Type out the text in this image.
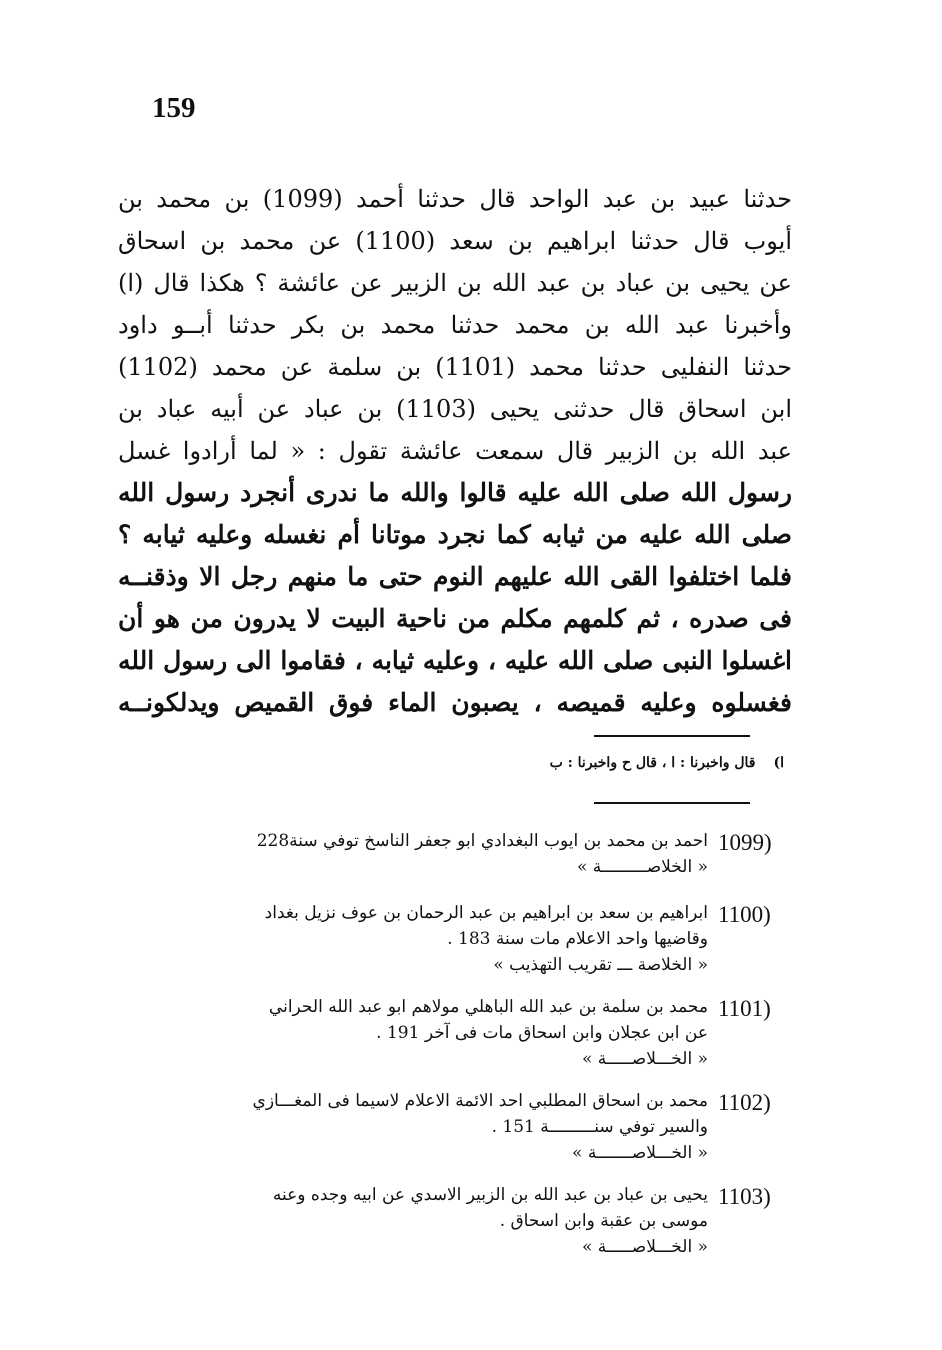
159
حدثنا عبيد بن عبد الواحد قال حدثنا أحمد (1099) بن محمد بن
أيوب قال حدثنا ابراهيم بن سعد (1100) عن محمد بن اسحاق
عن يحيى بن عباد بن عبد الله بن الزبير عن عائشة ؟ هكذا قال (ا)
وأخبرنا عبد الله بن محمد حدثنا محمد بن بكر حدثنا أبــو داود
حدثنا النفليى حدثنا محمد (1101) بن سلمة عن محمد (1102)
ابن اسحاق قال حدثنى يحيى (1103) بن عباد عن أبيه عباد بن
عبد الله بن الزبير قال سمعت عائشة تقول : « لما أرادوا غسل
رسول الله صلى الله عليه قالوا والله ما ندرى أنجرد رسول الله
صلى الله عليه من ثيابه كما نجرد موتانا أم نغسله وعليه ثيابه ؟
فلما اختلفوا القى الله عليهم النوم حتى ما منهم رجل الا وذقنــه
فى صدره ، ثم كلمهم مكلم من ناحية البيت لا يدرون من هو أن
اغسلوا النبى صلى الله عليه ، وعليه ثيابه ، فقاموا الى رسول الله
فغسلوه وعليه قميصه ، يصبون الماء فوق القميص ويدلكونــه
ا)قال واخبرنا : ا ، قال ح واخبرنا : ب
1099)
احمد بن محمد بن ايوب البغدادي ابو جعفر الناسخ توفي سنة228
« الخلاصـــــــــة »
1100)
ابراهيم بن سعد بن ابراهيم بن عبد الرحمان بن عوف نزيل بغداد
وقاضيها واحد الاعلام مات سنة 183 .
« الخلاصة ـــ تقريب التهذيب »
1101)
محمد بن سلمة بن عبد الله الباهلي مولاهم ابو عبد الله الحراني
عن ابن عجلان وابن اسحاق مات فى آخر 191 .
« الخـــلاصـــــة »
1102)
محمد بن اسحاق المطلبي احد الائمة الاعلام لاسيما فى المغـــازي
والسير توفي سنـــــــــة 151 .
« الخـــلاصـــــــة »
1103)
يحيى بن عباد بن عبد الله بن الزبير الاسدي عن ابيه وجده وعنه
موسى بن عقبة وابن اسحاق .
« الخـــلاصـــــة »
